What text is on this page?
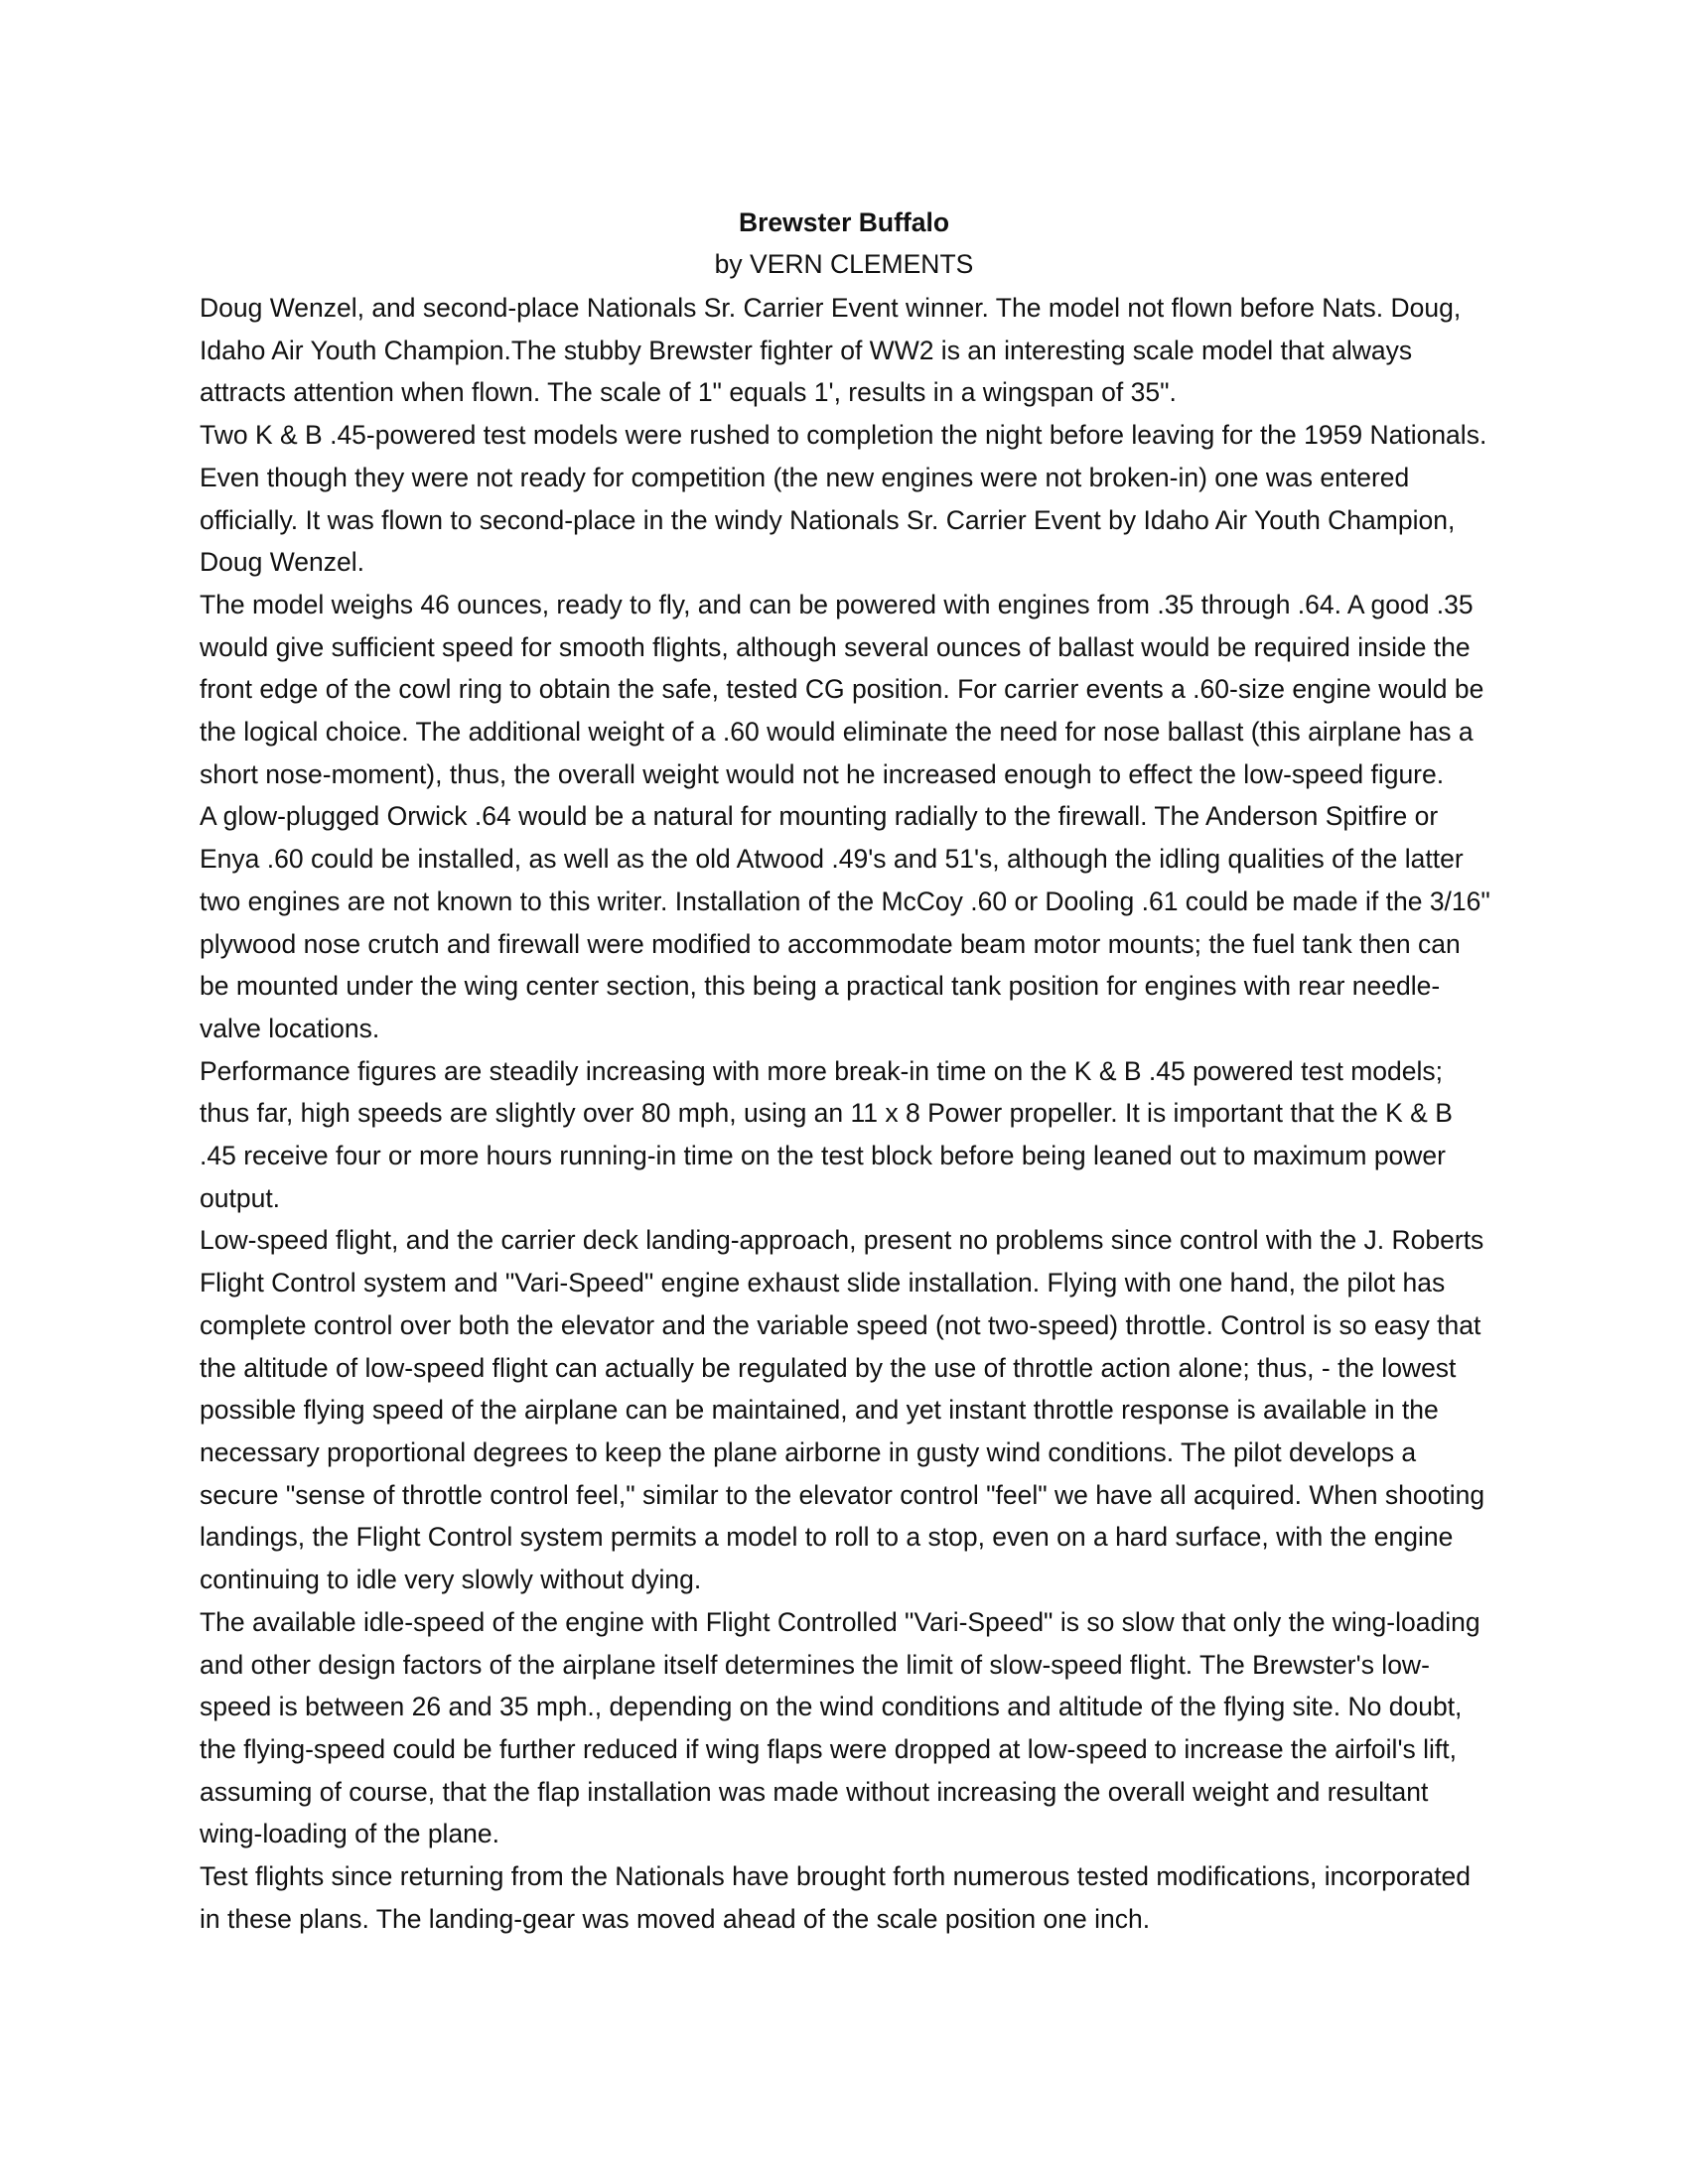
Brewster Buffalo
by VERN CLEMENTS

Doug Wenzel, and second-place Nationals Sr. Carrier Event winner. The model not flown before Nats. Doug, Idaho Air Youth Champion.The stubby Brewster fighter of WW2 is an interesting scale model that always attracts attention when flown. The scale of 1" equals 1', results in a wingspan of 35".

Two K & B .45-powered test models were rushed to completion the night before leaving for the 1959 Nationals. Even though they were not ready for competition (the new engines were not broken-in) one was entered officially. It was flown to second-place in the windy Nationals Sr. Carrier Event by Idaho Air Youth Champion, Doug Wenzel.

The model weighs 46 ounces, ready to fly, and can be powered with engines from .35 through .64. A good .35 would give sufficient speed for smooth flights, although several ounces of ballast would be required inside the front edge of the cowl ring to obtain the safe, tested CG position. For carrier events a .60-size engine would be the logical choice. The additional weight of a .60 would eliminate the need for nose ballast (this airplane has a short nose-moment), thus, the overall weight would not he increased enough to effect the low-speed figure.

A glow-plugged Orwick .64 would be a natural for mounting radially to the firewall. The Anderson Spitfire or Enya .60 could be installed, as well as the old Atwood .49's and 51's, although the idling qualities of the latter two engines are not known to this writer. Installation of the McCoy .60 or Dooling .61 could be made if the 3/16" plywood nose crutch and firewall were modified to accommodate beam motor mounts; the fuel tank then can be mounted under the wing center section, this being a practical tank position for engines with rear needle-valve locations.

Performance figures are steadily increasing with more break-in time on the K & B .45 powered test models; thus far, high speeds are slightly over 80 mph, using an 11 x 8 Power propeller. It is important that the K & B .45 receive four or more hours running-in time on the test block before being leaned out to maximum power output.

Low-speed flight, and the carrier deck landing-approach, present no problems since control with the J. Roberts Flight Control system and "Vari-Speed" engine exhaust slide installation. Flying with one hand, the pilot has complete control over both the elevator and the variable speed (not two-speed) throttle. Control is so easy that the altitude of low-speed flight can actually be regulated by the use of throttle action alone; thus, - the lowest possible flying speed of the airplane can be maintained, and yet instant throttle response is available in the necessary proportional degrees to keep the plane airborne in gusty wind conditions. The pilot develops a secure "sense of throttle control feel," similar to the elevator control "feel" we have all acquired. When shooting landings, the Flight Control system permits a model to roll to a stop, even on a hard surface, with the engine continuing to idle very slowly without dying.

The available idle-speed of the engine with Flight Controlled "Vari-Speed" is so slow that only the wing-loading and other design factors of the airplane itself determines the limit of slow-speed flight. The Brewster's low-speed is between 26 and 35 mph., depending on the wind conditions and altitude of the flying site. No doubt, the flying-speed could be further reduced if wing flaps were dropped at low-speed to increase the airfoil's lift, assuming of course, that the flap installation was made without increasing the overall weight and resultant wing-loading of the plane.

Test flights since returning from the Nationals have brought forth numerous tested modifications, incorporated in these plans. The landing-gear was moved ahead of the scale position one inch.
